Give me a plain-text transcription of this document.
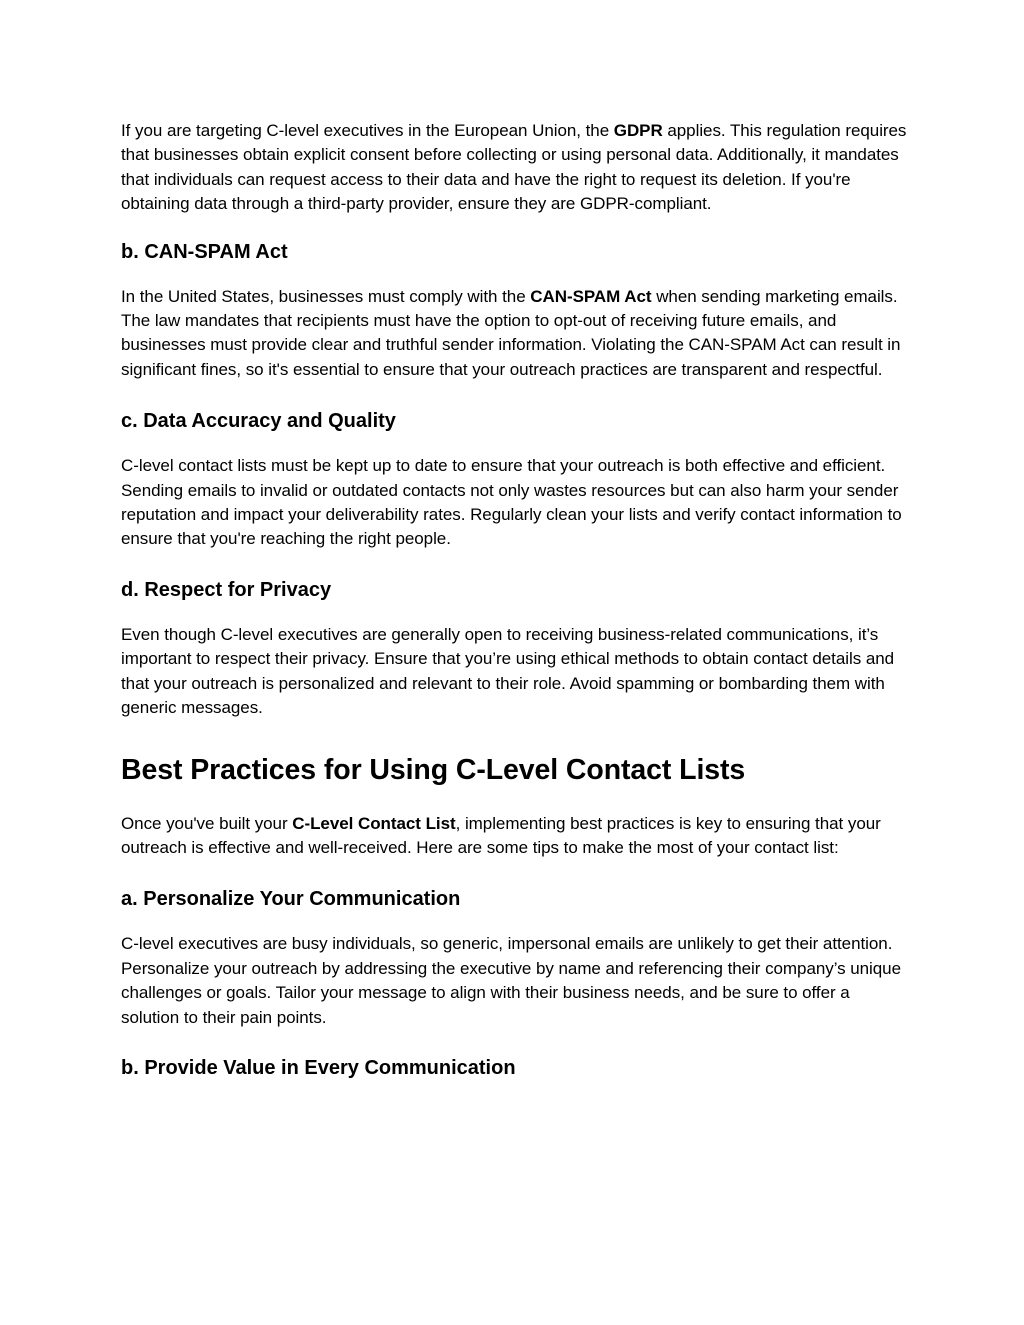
If you are targeting C-level executives in the European Union, the GDPR applies. This regulation requires that businesses obtain explicit consent before collecting or using personal data. Additionally, it mandates that individuals can request access to their data and have the right to request its deletion. If you're obtaining data through a third-party provider, ensure they are GDPR-compliant.

b. CAN-SPAM Act

In the United States, businesses must comply with the CAN-SPAM Act when sending marketing emails. The law mandates that recipients must have the option to opt-out of receiving future emails, and businesses must provide clear and truthful sender information. Violating the CAN-SPAM Act can result in significant fines, so it's essential to ensure that your outreach practices are transparent and respectful.

c. Data Accuracy and Quality

C-level contact lists must be kept up to date to ensure that your outreach is both effective and efficient. Sending emails to invalid or outdated contacts not only wastes resources but can also harm your sender reputation and impact your deliverability rates. Regularly clean your lists and verify contact information to ensure that you're reaching the right people.

d. Respect for Privacy

Even though C-level executives are generally open to receiving business-related communications, it’s important to respect their privacy. Ensure that you’re using ethical methods to obtain contact details and that your outreach is personalized and relevant to their role. Avoid spamming or bombarding them with generic messages.

Best Practices for Using C-Level Contact Lists

Once you've built your C-Level Contact List, implementing best practices is key to ensuring that your outreach is effective and well-received. Here are some tips to make the most of your contact list:

a. Personalize Your Communication

C-level executives are busy individuals, so generic, impersonal emails are unlikely to get their attention. Personalize your outreach by addressing the executive by name and referencing their company’s unique challenges or goals. Tailor your message to align with their business needs, and be sure to offer a solution to their pain points.

b. Provide Value in Every Communication
